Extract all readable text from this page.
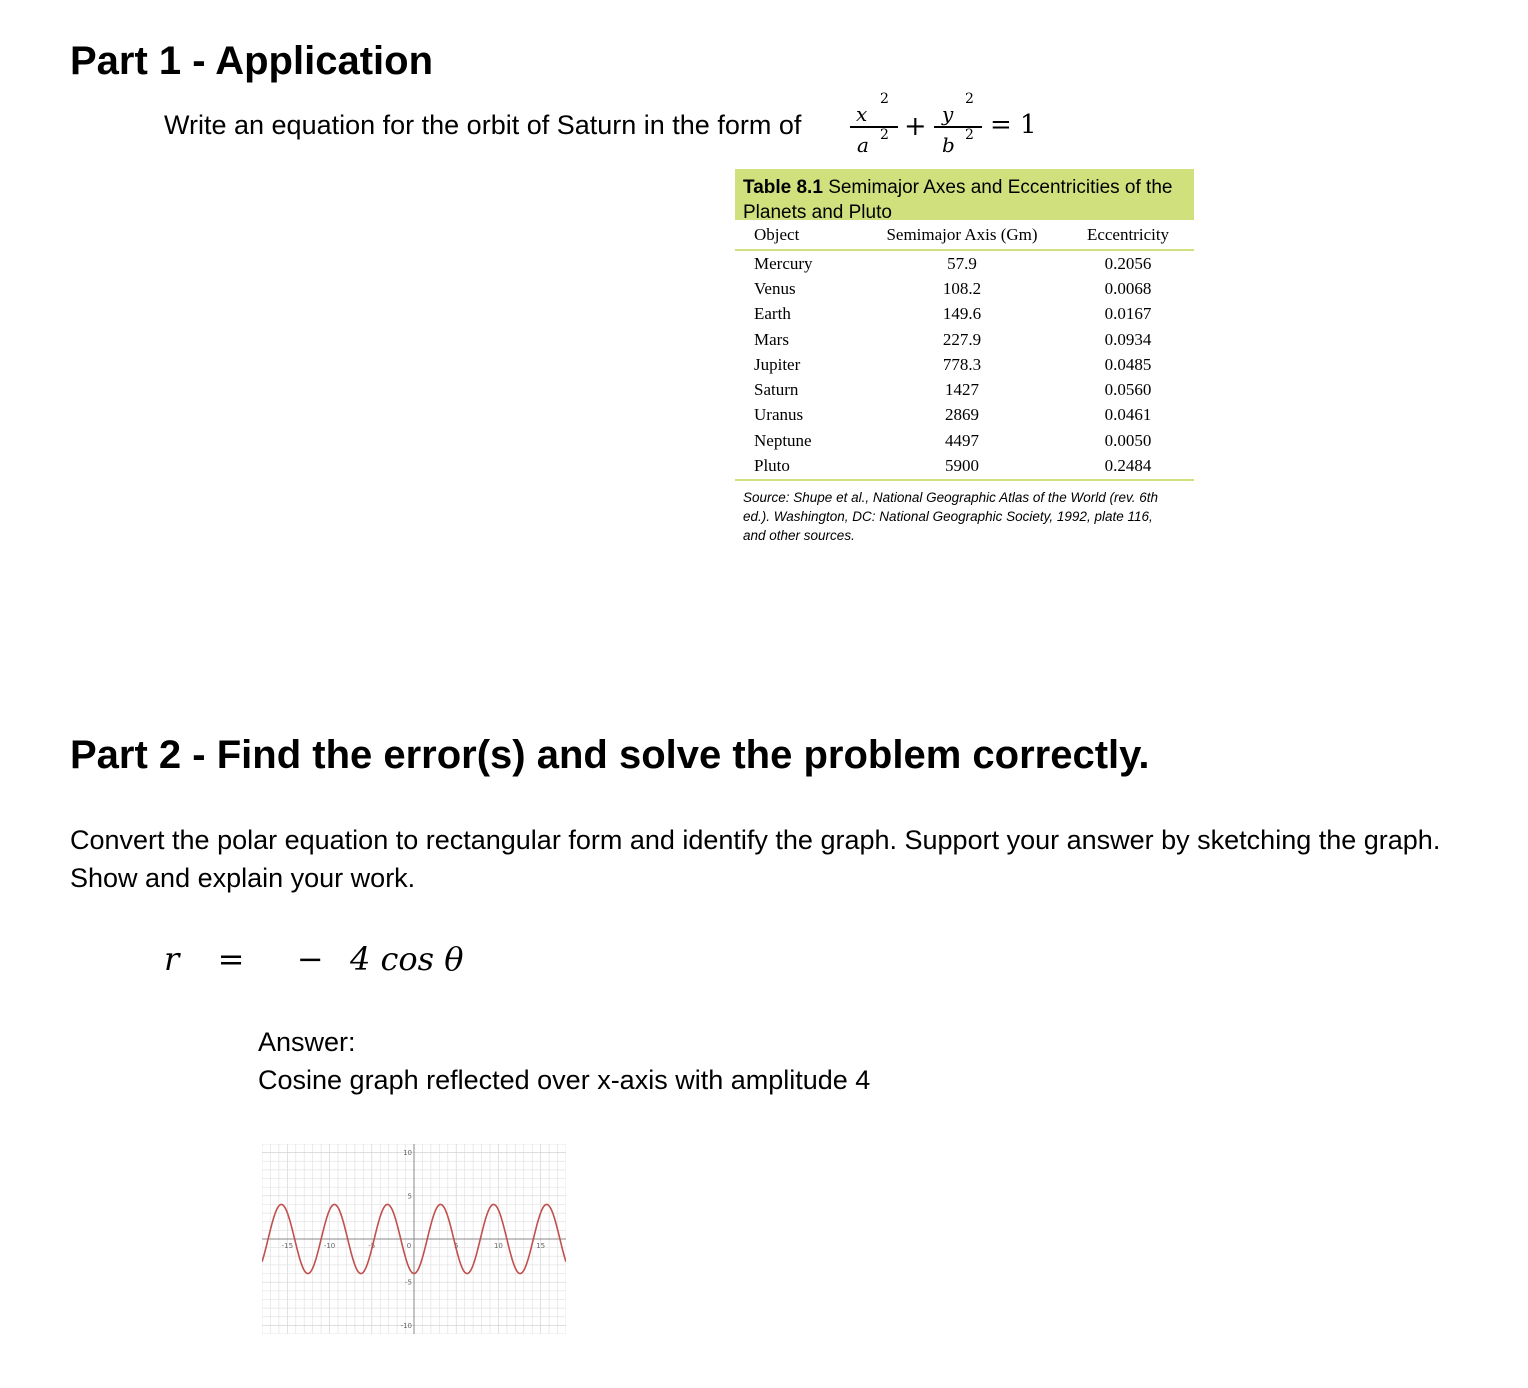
Part 1 - Application
Write an equation for the orbit of Saturn in the form of	x
2
a 2 + y
2
b 2 = 1
Table 8.1 Semimajor Axes and Eccentricities of the Planets and Pluto
Object	Semimajor Axis (Gm)	Eccentricity
Mercury	57.9	0.2056
Venus	108.2	0.0068
Earth	149.6	0.0167
Mars	227.9	0.0934
Jupiter	778.3	0.0485
Saturn	1427	0.0560
Uranus	2869	0.0461
Neptune	4497	0.0050
Pluto	5900	0.2484
Source: Shupe et al., National Geographic Atlas of the World (rev. 6th ed.). Washington, DC: National Geographic Society, 1992, plate 116, and other sources.
Part 2 - Find the error(s) and solve the problem correctly.
Convert the polar equation to rectangular form and identify the graph. Support your answer by sketching the graph. Show and explain your work.
r = − 4 cos θ
Answer:
Cosine graph reflected over x-axis with amplitude 4
-15	-10	-5	0	5	10	15
10
5
-5
-10
